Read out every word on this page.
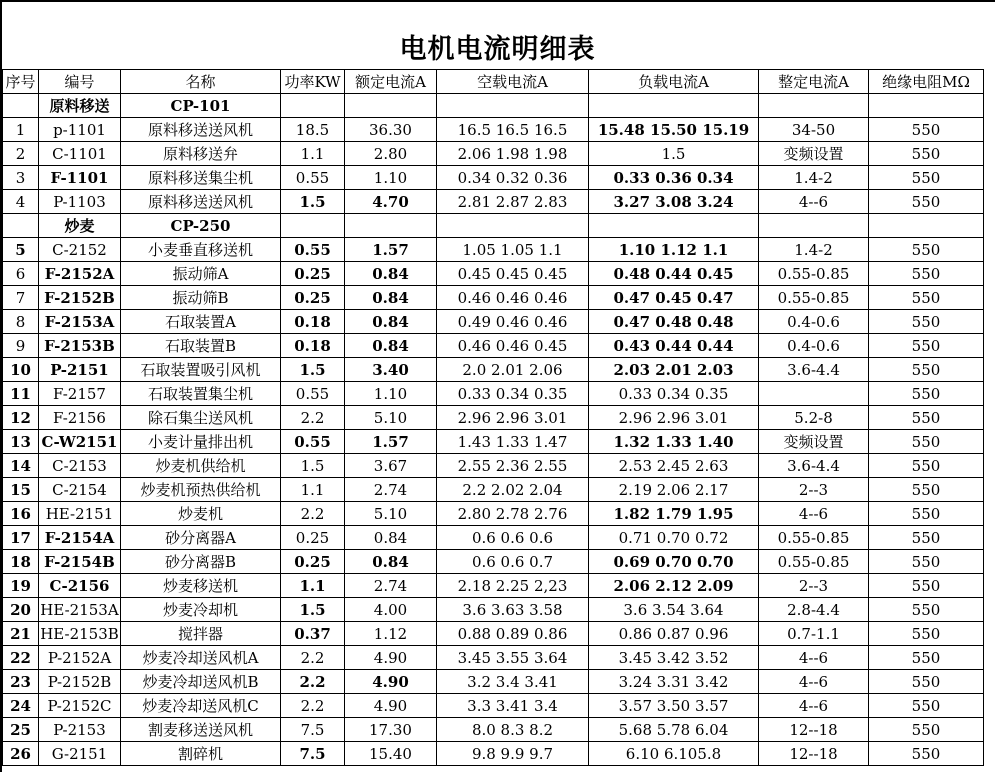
电机电流明细表
序号	编号	名称	功率KW	额定电流A	空载电流A	负载电流A	整定电流A	绝缘电阻MΩ
	原料移送	CP-101						
1	p-1101	原料移送送风机	18.5	36.30	16.5 16.5 16.5	15.48 15.50 15.19	34-50	550
2	C-1101	原料移送弁	1.1	2.80	2.06 1.98 1.98	1.5	变频设置	550
3	F-1101	原料移送集尘机	0.55	1.10	0.34 0.32 0.36	0.33 0.36 0.34	1.4-2	550
4	P-1103	原料移送送风机	1.5	4.70	2.81 2.87 2.83	3.27 3.08 3.24	4--6	550
	炒麦	CP-250						
5	C-2152	小麦垂直移送机	0.55	1.57	1.05 1.05 1.1	1.10 1.12 1.1	1.4-2	550
6	F-2152A	振动筛A	0.25	0.84	0.45 0.45 0.45	0.48 0.44 0.45	0.55-0.85	550
7	F-2152B	振动筛B	0.25	0.84	0.46 0.46 0.46	0.47 0.45 0.47	0.55-0.85	550
8	F-2153A	石取装置A	0.18	0.84	0.49 0.46 0.46	0.47 0.48 0.48	0.4-0.6	550
9	F-2153B	石取装置B	0.18	0.84	0.46 0.46 0.45	0.43 0.44 0.44	0.4-0.6	550
10	P-2151	石取装置吸引风机	1.5	3.40	2.0 2.01 2.06	2.03 2.01 2.03	3.6-4.4	550
11	F-2157	石取装置集尘机	0.55	1.10	0.33 0.34 0.35	0.33 0.34 0.35		550
12	F-2156	除石集尘送风机	2.2	5.10	2.96 2.96 3.01	2.96 2.96 3.01	5.2-8	550
13	C-W2151	小麦计量排出机	0.55	1.57	1.43 1.33 1.47	1.32 1.33 1.40	变频设置	550
14	C-2153	炒麦机供给机	1.5	3.67	2.55 2.36 2.55	2.53 2.45 2.63	3.6-4.4	550
15	C-2154	炒麦机预热供给机	1.1	2.74	2.2 2.02 2.04	2.19 2.06 2.17	2--3	550
16	HE-2151	炒麦机	2.2	5.10	2.80 2.78 2.76	1.82 1.79 1.95	4--6	550
17	F-2154A	砂分离器A	0.25	0.84	0.6 0.6 0.6	0.71 0.70 0.72	0.55-0.85	550
18	F-2154B	砂分离器B	0.25	0.84	0.6 0.6 0.7	0.69 0.70 0.70	0.55-0.85	550
19	C-2156	炒麦移送机	1.1	2.74	2.18 2.25 2,23	2.06 2.12 2.09	2--3	550
20	HE-2153A	炒麦冷却机	1.5	4.00	3.6 3.63 3.58	3.6 3.54 3.64	2.8-4.4	550
21	HE-2153B	搅拌器	0.37	1.12	0.88 0.89 0.86	0.86 0.87 0.96	0.7-1.1	550
22	P-2152A	炒麦冷却送风机A	2.2	4.90	3.45 3.55 3.64	3.45 3.42 3.52	4--6	550
23	P-2152B	炒麦冷却送风机B	2.2	4.90	3.2 3.4 3.41	3.24 3.31 3.42	4--6	550
24	P-2152C	炒麦冷却送风机C	2.2	4.90	3.3 3.41 3.4	3.57 3.50 3.57	4--6	550
25	P-2153	割麦移送送风机	7.5	17.30	8.0 8.3 8.2	5.68 5.78 6.04	12--18	550
26	G-2151	割碎机	7.5	15.40	9.8 9.9 9.7	6.10 6.105.8	12--18	550
